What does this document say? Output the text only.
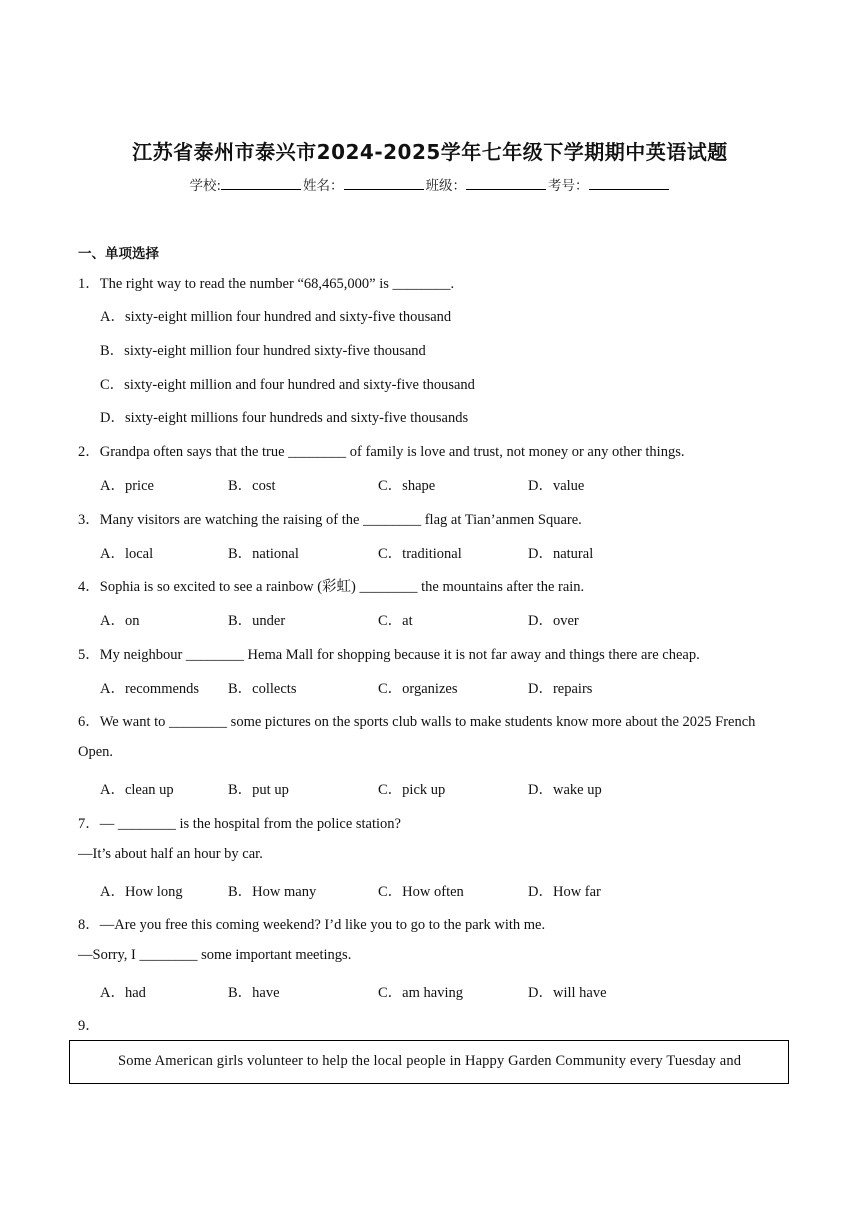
江苏省泰州市泰兴市2024-2025学年七年级下学期期中英语试题
学校:	姓名：	班级：	考号：
一、单项选择
1．The right way to read the number “68,465,000” is ________.
A．sixty-eight million four hundred and sixty-five thousand
B．sixty-eight million four hundred sixty-five thousand
C．sixty-eight million and four hundred and sixty-five thousand
D．sixty-eight millions four hundreds and sixty-five thousands
2．Grandpa often says that the true ________ of family is love and trust, not money or any other things.
A．price	B．cost	C．shape	D．value
3．Many visitors are watching the raising of the ________ flag at Tian’anmen Square.
A．local	B．national	C．traditional	D．natural
4．Sophia is so excited to see a rainbow (彩虹) ________ the mountains after the rain.
A．on	B．under	C．at	D．over
5．My neighbour ________ Hema Mall for shopping because it is not far away and things there are cheap.
A．recommends B．collects	C．organizes	D．repairs
6．We want to ________ some pictures on the sports club walls to make students know more about the 2025 French
Open.
A．clean up	B．put up	C．pick up	D．wake up
7．— ________ is the hospital from the police station?
—It’s about half an hour by car.
A．How long	B．How many	C．How often	D．How far
8．—Are you free this coming weekend? I’d like you to go to the park with me.
—Sorry, I ________ some important meetings.
A．had	B．have	C．am having	D．will have
9．
Some American girls volunteer to help the local people in Happy Garden Community every Tuesday and
